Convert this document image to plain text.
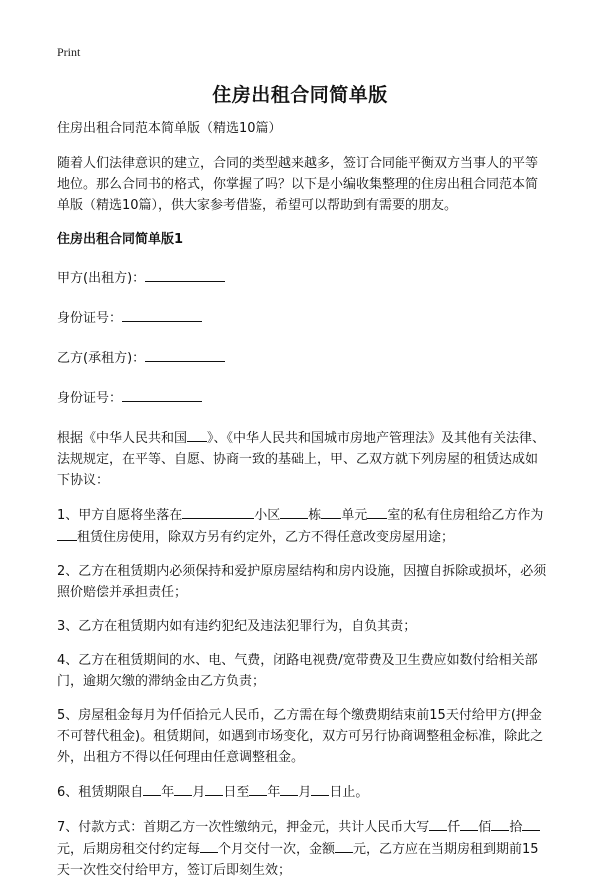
Print
住房出租合同简单版

住房出租合同范本简单版（精选10篇）

随着人们法律意识的建立，合同的类型越来越多，签订合同能平衡双方当事人的平等地位。那么合同书的格式，你掌握了吗？以下是小编收集整理的住房出租合同范本简单版（精选10篇），供大家参考借鉴，希望可以帮助到有需要的朋友。

住房出租合同简单版1
甲方(出租方)：
身份证号：
乙方(承租方)：
身份证号：

根据《中华人民共和国 》、《中华人民共和国城市房地产管理法》及其他有关法律、法规规定，在平等、自愿、协商一致的基础上，甲、乙双方就下列房屋的租赁达成如下协议：

1、甲方自愿将坐落在	小区 栋 单元 室的私有住房租给乙方作为租赁住房使用，除双方另有约定外，乙方不得任意改变房屋用途；

2、乙方在租赁期内必须保持和爱护原房屋结构和房内设施，因擅自拆除或损坏，必须照价赔偿并承担责任；

3、乙方在租赁期内如有违约犯纪及违法犯罪行为，自负其责；

4、乙方在租赁期间的水、电、气费，闭路电视费/宽带费及卫生费应如数付给相关部门，逾期欠缴的滞纳金由乙方负责；

5、房屋租金每月为仟佰拾元人民币，乙方需在每个缴费期结束前15天付给甲方(押金不可替代租金)。租赁期间，如遇到市场变化，双方可另行协商调整租金标准，除此之外，出租方不得以任何理由任意调整租金。

6、租赁期限自 年 月 日至 年 月 日止。

7、付款方式：首期乙方一次性缴纳元，押金元，共计人民币大写 仟 佰 拾元，后期房租交付约定每 个月交付一次，金额 元，乙方应在当期房租到期前15天一次性交付给甲方，签订后即刻生效；
